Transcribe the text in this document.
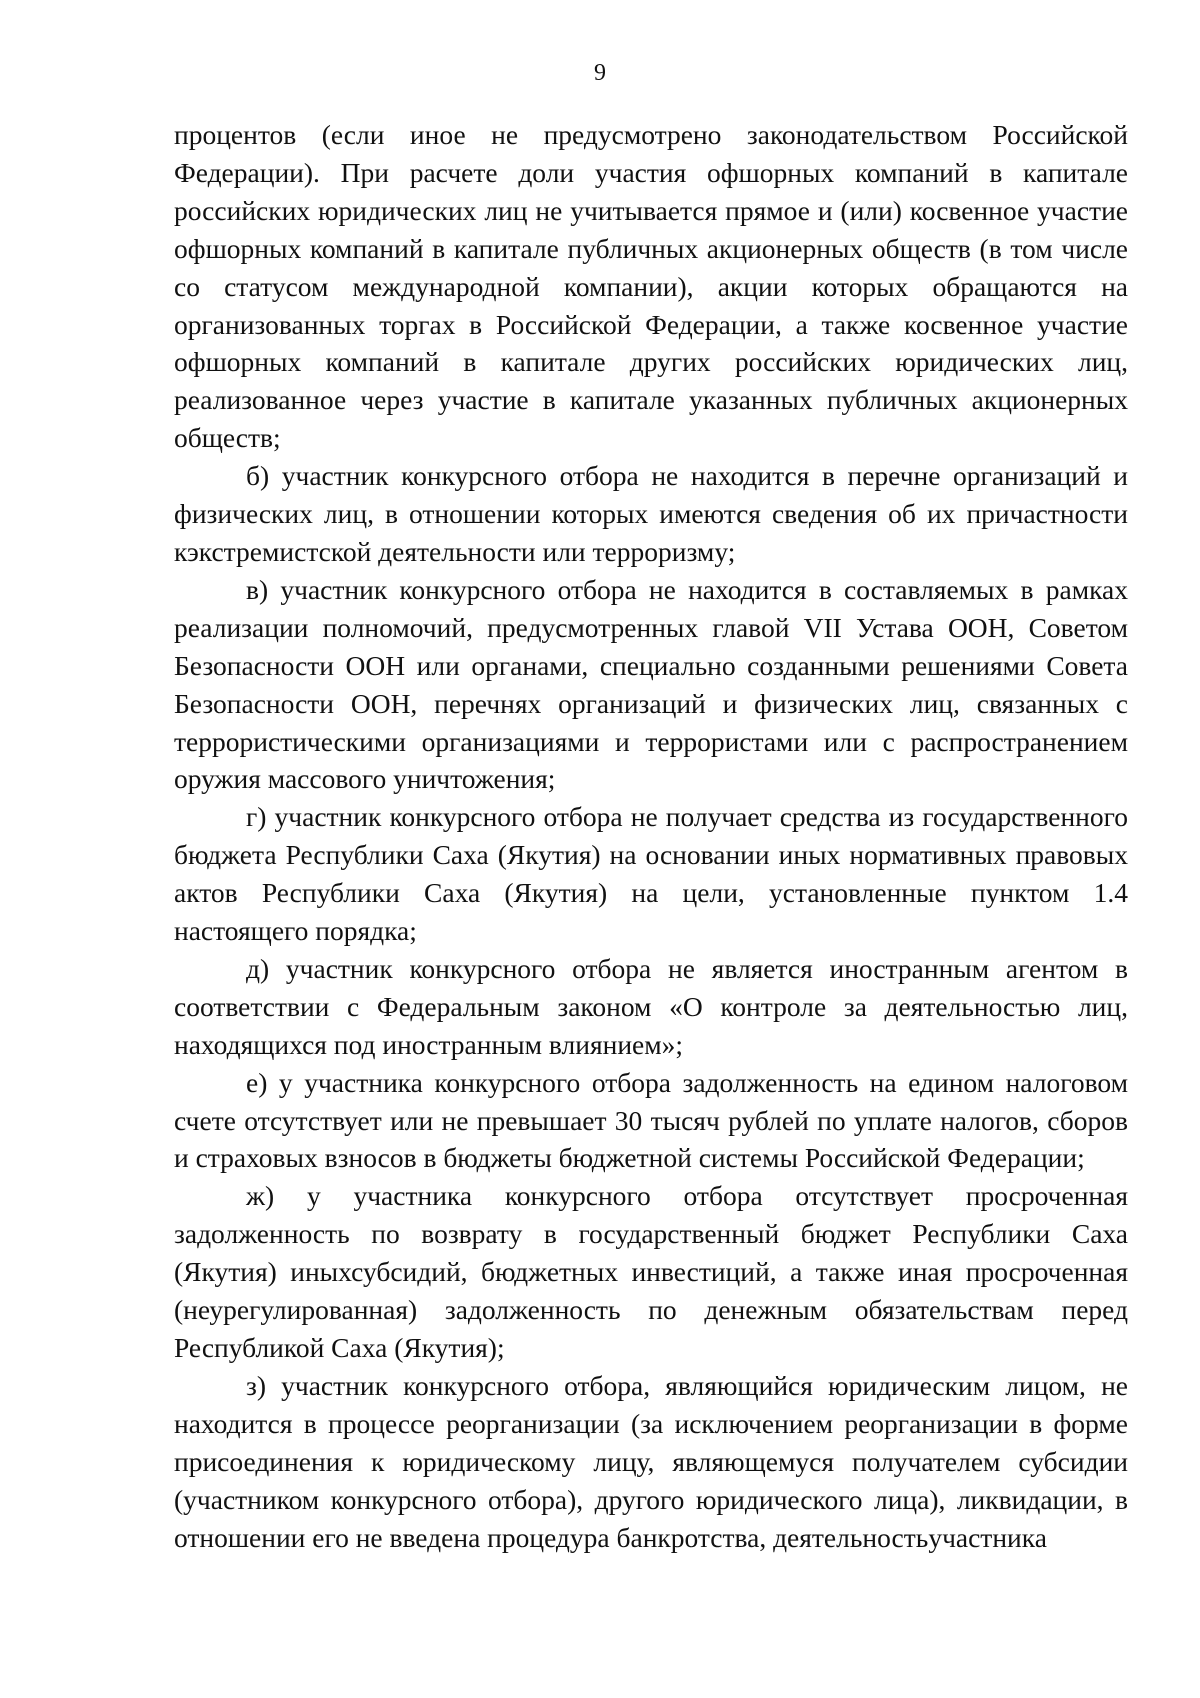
9

процентов (если иное не предусмотрено законодательством Российской Федерации). При расчете доли участия офшорных компаний в капитале российских юридических лиц не учитывается прямое и (или) косвенное участие офшорных компаний в капитале публичных акционерных обществ (в том числе со статусом международной компании), акции которых обращаются на организованных торгах в Российской Федерации, а также косвенное участие офшорных компаний в капитале других российских юридических лиц, реализованное через участие в капитале указанных публичных акционерных обществ;

б) участник конкурсного отбора не находится в перечне организаций и физических лиц, в отношении которых имеются сведения об их причастности кэкстремистской деятельности или терроризму;

в) участник конкурсного отбора не находится в составляемых в рамках реализации полномочий, предусмотренных главой VII Устава ООН, Советом Безопасности ООН или органами, специально созданными решениями Совета Безопасности ООН, перечнях организаций и физических лиц, связанных с террористическими организациями и террористами или с распространением оружия массового уничтожения;

г) участник конкурсного отбора не получает средства из государственного бюджета Республики Саха (Якутия) на основании иных нормативных правовых актов Республики Саха (Якутия) на цели, установленные пунктом 1.4 настоящего порядка;

д) участник конкурсного отбора не является иностранным агентом в соответствии с Федеральным законом «О контроле за деятельностью лиц, находящихся под иностранным влиянием»;

е) у участника конкурсного отбора задолженность на едином налоговом счете отсутствует или не превышает 30 тысяч рублей по уплате налогов, сборов и страховых взносов в бюджеты бюджетной системы Российской Федерации;

ж) у участника конкурсного отбора отсутствует просроченная задолженность по возврату в государственный бюджет Республики Саха (Якутия) иныхсубсидий, бюджетных инвестиций, а также иная просроченная (неурегулированная) задолженность по денежным обязательствам перед Республикой Саха (Якутия);

з) участник конкурсного отбора, являющийся юридическим лицом, не находится в процессе реорганизации (за исключением реорганизации в форме присоединения к юридическому лицу, являющемуся получателем субсидии (участником конкурсного отбора), другого юридического лица), ликвидации, в отношении его не введена процедура банкротства, деятельностьучастника
